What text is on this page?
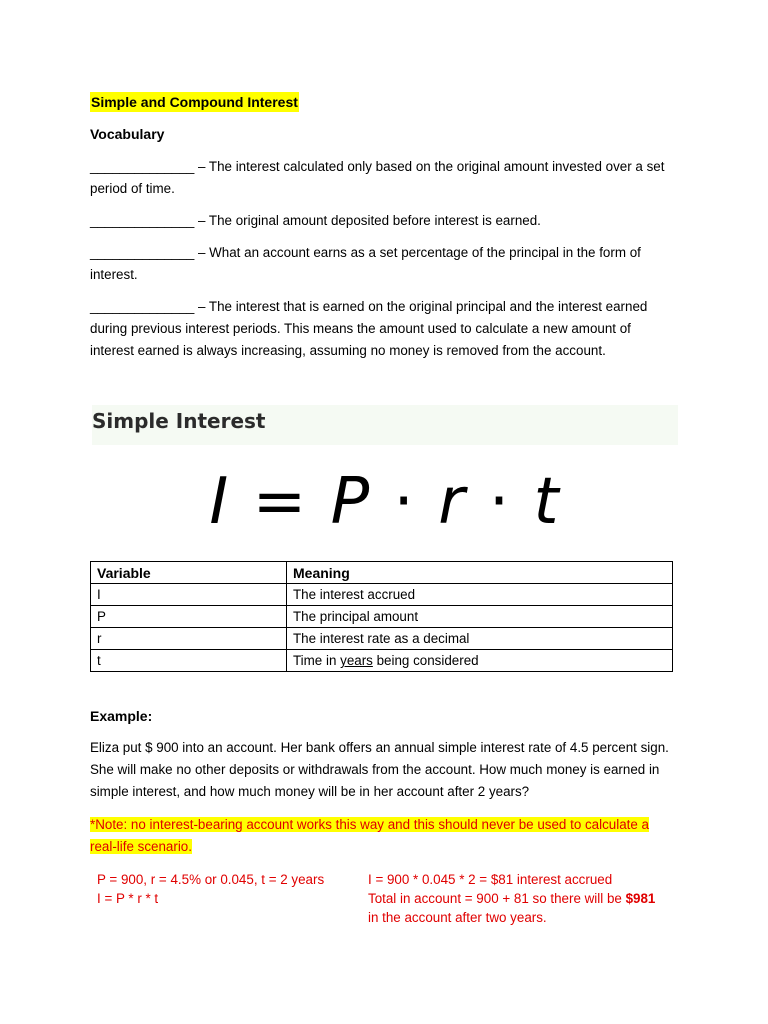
Simple and Compound Interest
Vocabulary
______________ – The interest calculated only based on the original amount invested over a set period of time.
______________ – The original amount deposited before interest is earned.
______________ – What an account earns as a set percentage of the principal in the form of interest.
______________ – The interest that is earned on the original principal and the interest earned during previous interest periods. This means the amount used to calculate a new amount of interest earned is always increasing, assuming no money is removed from the account.
Simple Interest
I = P · r · t
Variable	Meaning
I	The interest accrued
P	The principal amount
r	The interest rate as a decimal
t	Time in years being considered
Example:
Eliza put $ 900 into an account. Her bank offers an annual simple interest rate of 4.5 percent sign. She will make no other deposits or withdrawals from the account. How much money is earned in simple interest, and how much money will be in her account after 2 years?
*Note: no interest-bearing account works this way and this should never be used to calculate a real-life scenario.
P = 900, r = 4.5% or 0.045, t = 2 years
I = P * r * t
I = 900 * 0.045 * 2 = $81 interest accrued
Total in account = 900 + 81 so there will be $981
in the account after two years.
